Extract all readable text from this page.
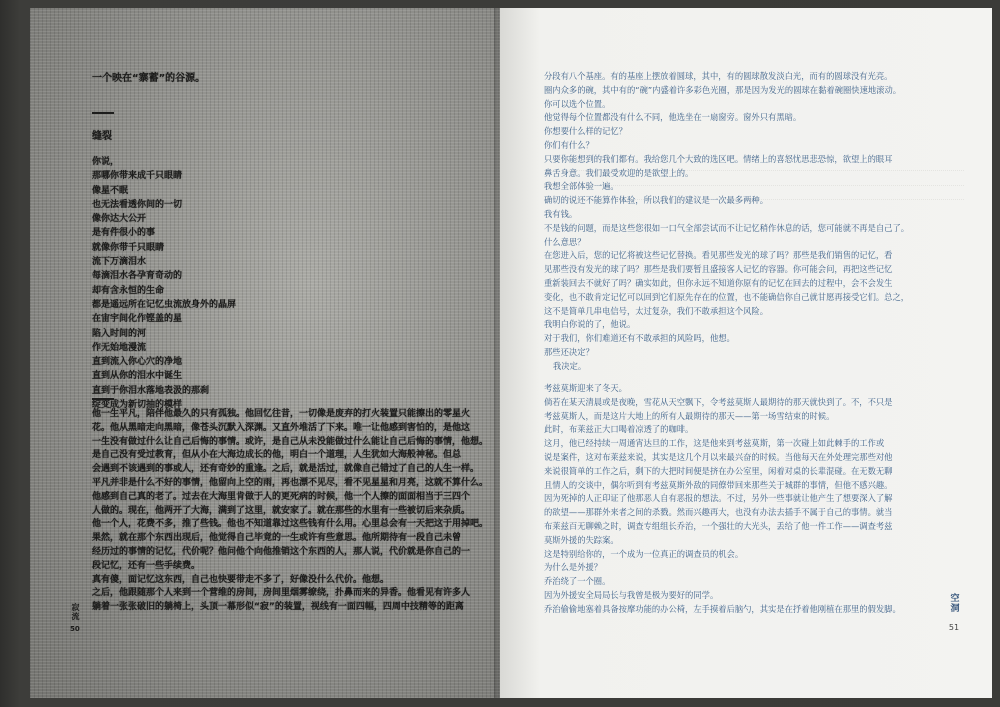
一个映在“寨蓄”的谷源。
缝裂
你说，
那哪你带来成千只眼睛
像星不眠
也无法看透你间的一切
像你达大公开
是有件很小的事
就像你带千只眼睛
流下万滴泪水
每滴泪水各孕育奇动的
却有含永恒的生命
都是遥远所在记忆虫流放身外的晶屏
在宙宇间化作铿盖的星
陷入时间的河
作无始地漫流
直到流入你心穴的净地
直到从你的泪水中诞生
直到于你泪水落地表汲的那刹
绽变成为新切抽的模样
他一生平凡，陪伴他最久的只有孤独。他回忆往昔，一切像是废弃的打火装置只能擦出的零星火
花。他从黑暗走向黑暗，像苍头沉默入深渊。又直外堆活了下来。唯一让他感到害怕的，是他这
一生没有做过什么让自己后悔的事情。或许，是自己从未没能做过什么能让自己后悔的事情，他想。
是自己没有受过教育，但从小在大海边成长的他，明白一个道理，人生犹如大海般神秘。但总
会遇到不该遇到的事或人，还有奇妙的重逢。之后，就是活过，就像自己错过了自己的人生一样。
平凡并非是什么不好的事情，他留向上空的雨，再也漂不见尽，看不见星星和月亮，这就不算什么。
他感到自己真的老了。过去在大海里肯做于人的更死病的时候，他一个人擦的面面相当于三四个
人做的。现在，他两开了大海，满到了这里，就安家了。就在那些的水里有一些被切后来杂质。
他一个人，花费不多，推了些钱。他也不知道靠过这些钱有什么用。心里总会有一天把这于用掉吧。
果然，就在那个东西出现后，他觉得自己毕竟的一生或许有些意思。他所期待有一段自己未曾
经历过的事情的记忆，代价呢？他问他个向他推销这个东西的人，那人说，代价就是你自己的一
段记忆，还有一些手续费。
真有傻，面记忆这东西，自己也快要带走不多了，好像没什么代价。他想。
之后，他跟随那个人来到一个营维的房间，房间里烟雾缭绕，扑鼻而来的异香。他看见有许多人
躺着一张张破旧的躺椅上，头顶一幕形似“寂”的装置，视线有一面四幅，四周中技精等的距离
寂流
50
分段有八个基座。有的基座上摆放着圆球，其中，有的圆球散发淡白光，而有的圆球没有光亮。
圈内众多的碗，其中有的“碗”内盛着许多彩色光圈，那是因为发光的圆球在黏着碗圈快速地滚动。
你可以选个位置。
他觉得每个位置都没有什么不同，他选坐在一扇窗旁。窗外只有黑暗。
你想要什么样的记忆？
你们有什么？
只要你能想到的我们都有。我给您几个大致的选区吧。情绪上的喜怒忧思悲恐惊，欲望上的眼耳
鼻舌身意。我们最受欢迎的是欲望上的。
我想全部体验一遍。
确切的说还不能算作体验，所以我们的建议是一次最多两种。
我有钱。
不是钱的问题，而是这些您很如一口气全部尝试而不让记忆稍作休息的话，您可能就不再是自己了。
什么意思？
在您进入后，您的记忆将被这些记忆替换。看见那些发光的球了吗？那些是我们销售的记忆，看
见那些没有发光的球了吗？那些是我们要暂且盛接客人记忆的容器。你可能会问，再把这些记忆
重新装回去不就好了吗？确实如此，但你永远不知道你原有的记忆在回去的过程中，会不会发生
变化，也不敢肯定记忆可以回到它们原先存在的位置，也不能确信你自己就甘愿再接受它们。总之，
这不是简单几串电信号，太过复杂，我们不敢承担这个风险。
我明白你说的了，他说。
对于我们，你们难道还有不敢承担的风险吗，他想。
那些还决定？
我决定。
考兹莫斯迎来了冬天。
倘若在某天清晨或是夜晚，雪花从天空飘下，令考兹莫斯人最期待的那天就快到了。不，不只是
考兹莫斯人，而是这片大地上的所有人最期待的那天——第一场雪结束的时候。
此时，布莱兹正大口喝着凉透了的咖啡。
这月，他已经持续一周通宵达旦的工作，这是他来到考兹莫斯，第一次碰上如此棘手的工作或
说是案件，这对布莱兹来说，其实是这几个月以来最兴奋的时候。当他每天在外处理完那些对他
来说很简单的工作之后，剩下的大把时间便是挤在办公室里，闲着对桌的长辈混碰。在无数无聊
且情人的交谈中，偶尔听到有考兹莫斯外敌的同僚带回来那些关于城群的事情，但他不感兴趣。
因为死掉的人正印证了他那恶人自有恶报的想法。不过，另外一些事就让他产生了想要深入了解
的欲望——那群外来者之间的杀戮。然而兴趣再大，也没有办法去插手不属于自己的事情。就当
布莱兹百无聊赖之时，调查专组组长乔治，一个强壮的大光头，丢给了他一件工作——调查考兹
莫斯外援的失踪案。
这是特别给你的，一个成为一位真正的调查员的机会。
为什么是外援？
乔治绕了一个圈。
因为外援安全局局长与我曾是极为要好的同学。
乔治偷偷地塞着具备按摩功能的办公椅，左手摸着后脑勺，其实是在抒着他刚植在那里的假发脚。	空洞
51
